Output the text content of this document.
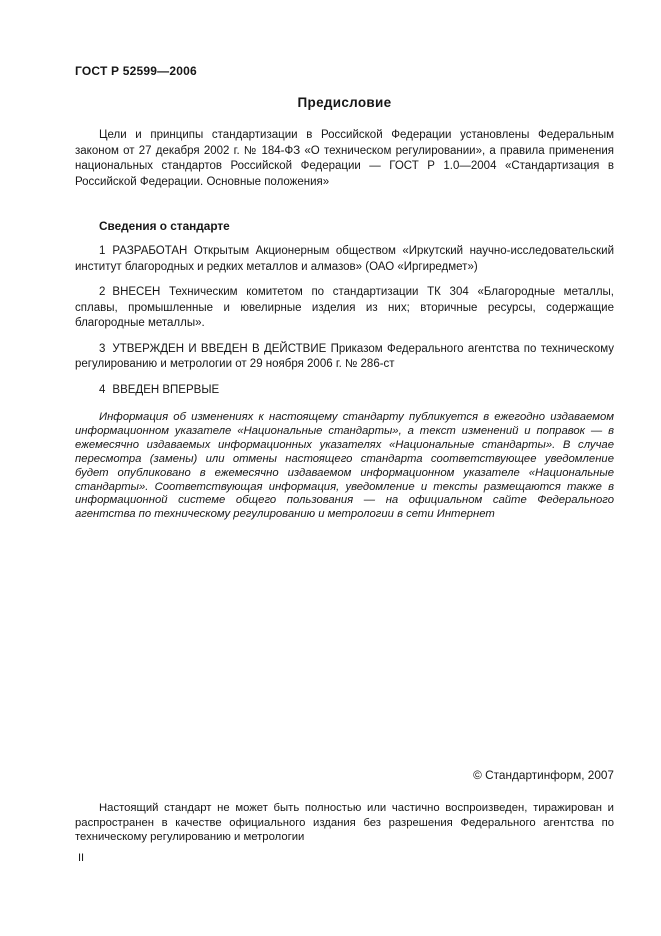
ГОСТ Р 52599—2006
Предисловие

Цели и принципы стандартизации в Российской Федерации установлены Федеральным законом от 27 декабря 2002 г. № 184-ФЗ «О техническом регулировании», а правила применения национальных стандартов Российской Федерации — ГОСТ Р 1.0—2004 «Стандартизация в Российской Федерации. Основные положения»

Сведения о стандарте

1 РАЗРАБОТАН Открытым Акционерным обществом «Иркутский научно-исследовательский институт благородных и редких металлов и алмазов» (ОАО «Иргиредмет»)

2 ВНЕСЕН Техническим комитетом по стандартизации ТК 304 «Благородные металлы, сплавы, промышленные и ювелирные изделия из них; вторичные ресурсы, содержащие благородные металлы».

3 УТВЕРЖДЕН И ВВЕДЕН В ДЕЙСТВИЕ Приказом Федерального агентства по техническому регулированию и метрологии от 29 ноября 2006 г. № 286-ст

4 ВВЕДЕН ВПЕРВЫЕ

Информация об изменениях к настоящему стандарту публикуется в ежегодно издаваемом информационном указателе «Национальные стандарты», а текст изменений и поправок — в ежемесячно издаваемых информационных указателях «Национальные стандарты». В случае пересмотра (замены) или отмены настоящего стандарта соответствующее уведомление будет опубликовано в ежемесячно издаваемом информационном указателе «Национальные стандарты». Соответствующая информация, уведомление и тексты размещаются также в информационной системе общего пользования — на официальном сайте Федерального агентства по техническому регулированию и метрологии в сети Интернет

© Стандартинформ, 2007

Настоящий стандарт не может быть полностью или частично воспроизведен, тиражирован и распространен в качестве официального издания без разрешения Федерального агентства по техническому регулированию и метрологии

II
